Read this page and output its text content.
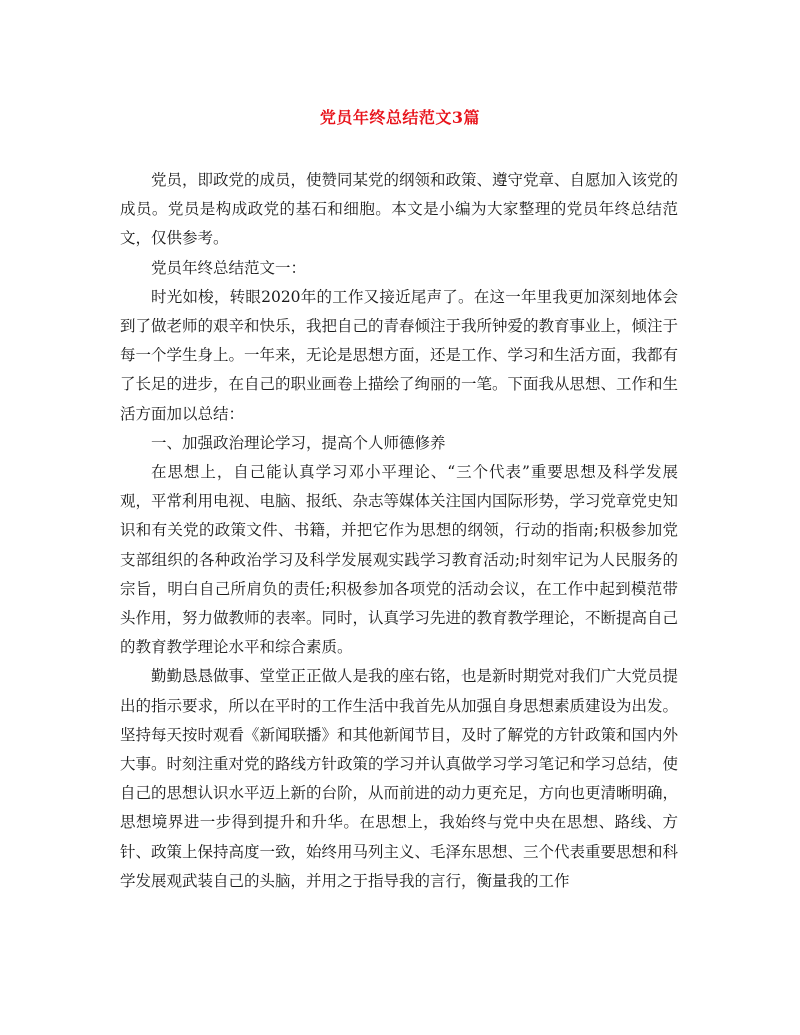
党员年终总结范文3篇

党员，即政党的成员，使赞同某党的纲领和政策、遵守党章、自愿加入该党的成员。党员是构成政党的基石和细胞。本文是小编为大家整理的党员年终总结范文，仅供参考。

党员年终总结范文一：

时光如梭，转眼2020年的工作又接近尾声了。在这一年里我更加深刻地体会到了做老师的艰辛和快乐，我把自己的青春倾注于我所钟爱的教育事业上，倾注于每一个学生身上。一年来，无论是思想方面，还是工作、学习和生活方面，我都有了长足的进步，在自己的职业画卷上描绘了绚丽的一笔。下面我从思想、工作和生活方面加以总结：

一、加强政治理论学习，提高个人师德修养

在思想上，自己能认真学习邓小平理论、“三个代表”重要思想及科学发展观，平常利用电视、电脑、报纸、杂志等媒体关注国内国际形势，学习党章党史知识和有关党的政策文件、书籍，并把它作为思想的纲领，行动的指南;积极参加党支部组织的各种政治学习及科学发展观实践学习教育活动;时刻牢记为人民服务的宗旨，明白自己所肩负的责任;积极参加各项党的活动会议，在工作中起到模范带头作用，努力做教师的表率。同时，认真学习先进的教育教学理论，不断提高自己的教育教学理论水平和综合素质。

勤勤恳恳做事、堂堂正正做人是我的座右铭，也是新时期党对我们广大党员提出的指示要求，所以在平时的工作生活中我首先从加强自身思想素质建设为出发。坚持每天按时观看《新闻联播》和其他新闻节目，及时了解党的方针政策和国内外大事。时刻注重对党的路线方针政策的学习并认真做学习学习笔记和学习总结，使自己的思想认识水平迈上新的台阶，从而前进的动力更充足，方向也更清晰明确，思想境界进一步得到提升和升华。在思想上，我始终与党中央在思想、路线、方针、政策上保持高度一致，始终用马列主义、毛泽东思想、三个代表重要思想和科学发展观武装自己的头脑，并用之于指导我的言行，衡量我的工作
